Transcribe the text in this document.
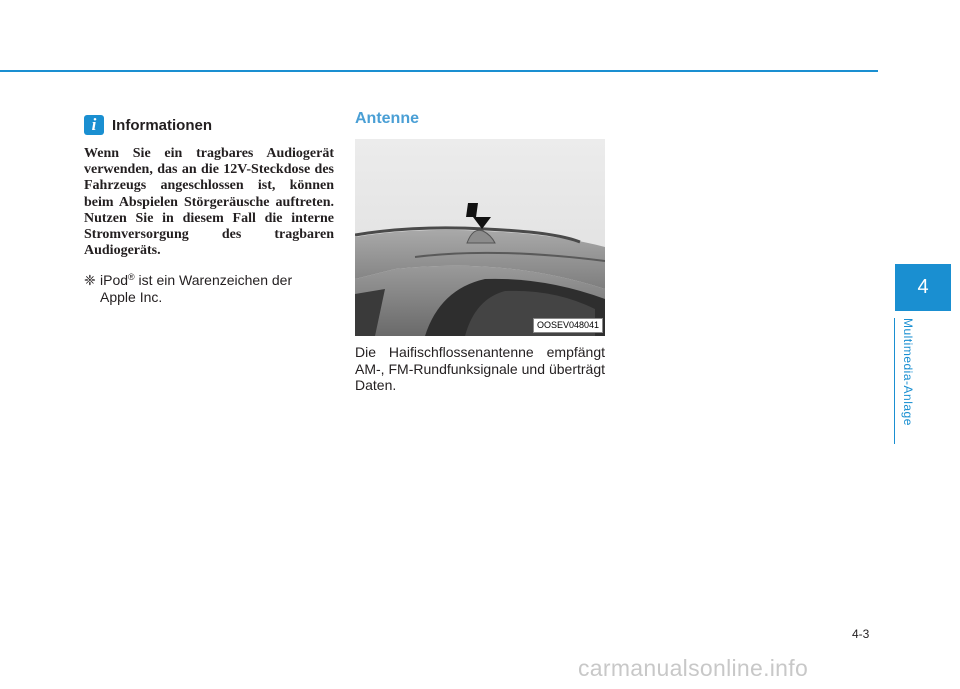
i	Informationen
Wenn Sie ein tragbares Audiogerät verwenden, das an die 12V-Steckdose des Fahrzeugs angeschlossen ist, können beim Abspielen Störgeräusche auftreten. Nutzen Sie in diesem Fall die interne Stromversorgung des tragbaren Audiogeräts.
❈ iPod® ist ein Warenzeichen der
Apple Inc.
Antenne
OOSEV048041
Die Haifischflossenantenne empfängt AM-, FM-Rundfunksignale und überträgt Daten.

4

Multimedia-Anlage
4-3
carmanualsonline.info
